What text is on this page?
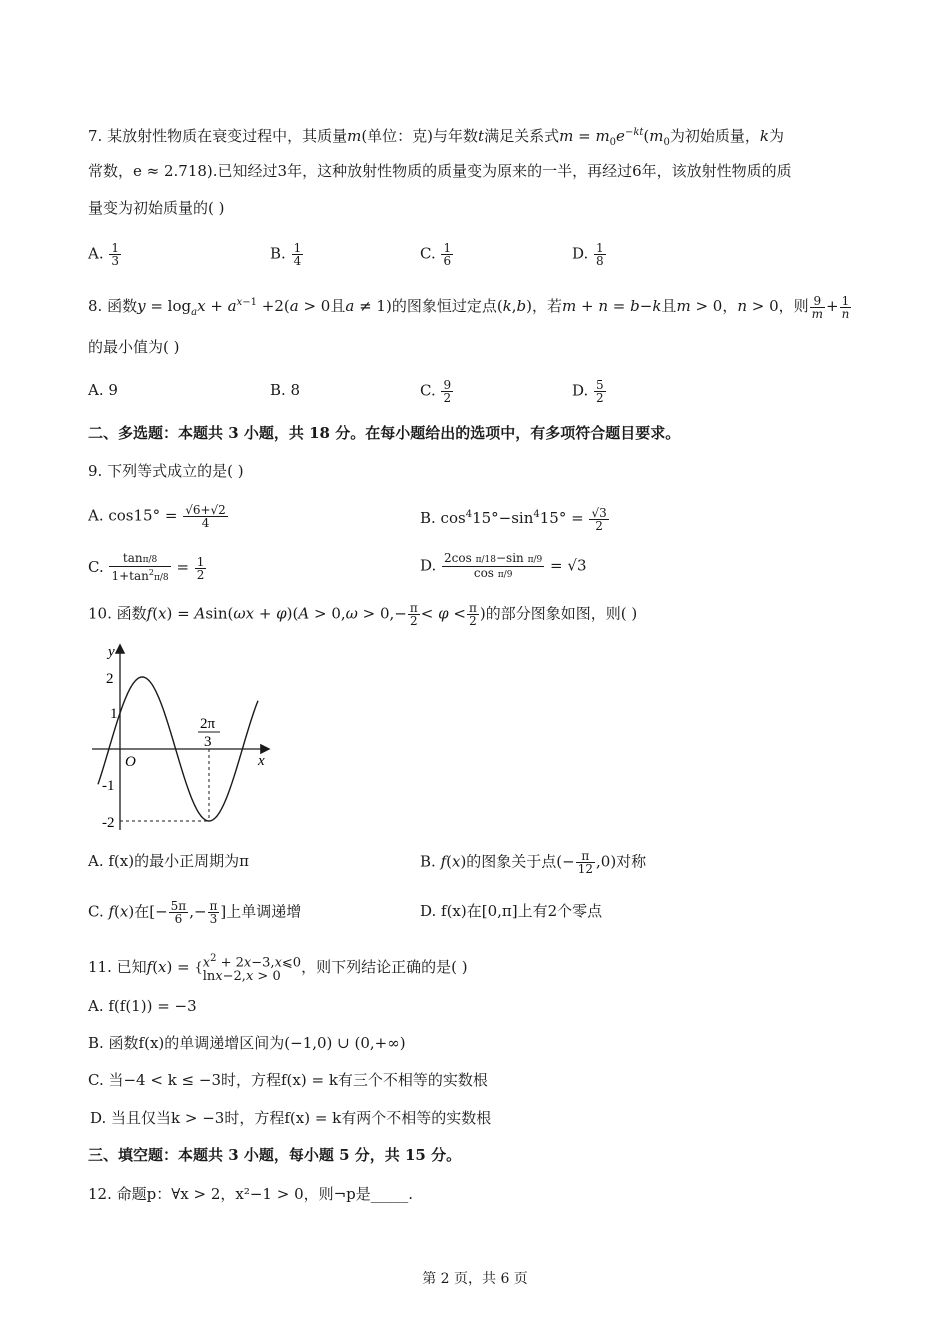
7. 某放射性物质在衰变过程中，其质量m(单位：克)与年数t满足关系式$m = m_0e^{-kt}(m_0$为初始质量，k为
常数，e ≈ 2.718).已知经过3年，这种放射性物质的质量变为原来的一半，再经过6年，该放射性物质的质
量变为初始质量的( )
A. $\frac{1}{3}$	B. $\frac{1}{4}$	C. $\frac{1}{6}$	D. $\frac{1}{8}$
8. 函数$y = \log_ax + a^{x-1} +2(a > 0$且a ≠ 1)的图象恒过定点(k,b)，若m + n = b−k且m > 0，n > 0，则 $\frac{9}{m} + \frac{1}{n}$
的最小值为( )
A. 9	B. 8	C. $\frac{9}{2}$	D. $\frac{5}{2}$
二、多选题：本题共 3 小题，共 18 分。在每小题给出的选项中，有多项符合题目要求。
9. 下列等式成立的是( )
A. $\cos 15^\circ = \frac{√6+√2}{4}$	B. $\cos^415^\circ-\sin^415^\circ = \frac{√3}{2}$
C. $\frac{\tan\pi/8}{1+\tan^2\pi/8} = \frac{1}{2}$	D. $\frac{\text{2cos π/18−sin π/9}}{\text{cos π/9}} = √3$
10. 函数$f(x) = Asin(\omega x + \varphi)(A > 0,\omega > 0,- \frac{\pi}{2} < \varphi < \frac{\pi}{2}$ )的部分图象如图，则( )
y
x
O
2
1
-1
-2
2π
3
A. f(x)的最小正周期为π	B. f(x)的图象关于点(− $\frac{\pi}{12} ,0$)对称
C. f(x)在[− $\frac{5\pi}{6}$ ,− $\frac{\pi}{3}$ ]上单调递增	D. f(x)在[0,π]上有2个零点
11. 已知f(x) = { $x^2$ + 2x−3,x⩽0
lnx−2,x > 0
，则下列结论正确的是( )
A. f(f(1)) = −3
B. 函数f(x)的单调递增区间为(−1,0) ∪ (0,+∞)
C. 当−4 < k ≤ −3时，方程f(x) = k有三个不相等的实数根
D. 当且仅当k > −3时，方程f(x) = k有两个不相等的实数根
三、填空题：本题共 3 小题，每小题 5 分，共 15 分。
12. 命题p：∀x > 2，x²−1 > 0，则¬p是_____.
第 2 页，共 6 页
